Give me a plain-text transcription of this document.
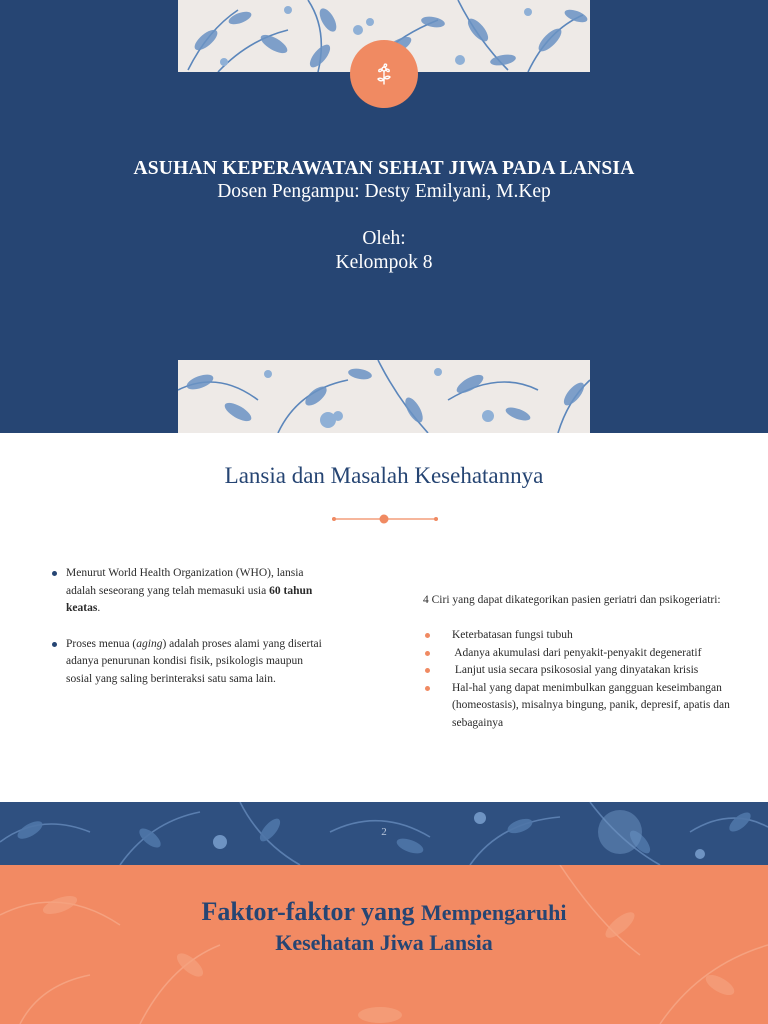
ASUHAN KEPERAWATAN SEHAT JIWA PADA LANSIA
Dosen Pengampu: Desty Emilyani, M.Kep
Oleh:
Kelompok 8
Lansia dan Masalah Kesehatannya
Menurut World Health Organization (WHO), lansia adalah seseorang yang telah memasuki usia 60 tahun keatas.
Proses menua (aging) adalah proses alami yang disertai adanya penurunan kondisi fisik, psikologis maupun sosial yang saling berinteraksi satu sama lain.
4 Ciri yang dapat dikategorikan pasien geriatri dan psikogeriatri:
Keterbatasan fungsi tubuh
Adanya akumulasi dari penyakit-penyakit degeneratif
Lanjut usia secara psikososial yang dinyatakan krisis
Hal-hal yang dapat menimbulkan gangguan keseimbangan (homeostasis), misalnya bingung, panik, depresif, apatis dan sebagainya
2
Faktor-faktor yang Mempengaruhi
Kesehatan Jiwa Lansia
